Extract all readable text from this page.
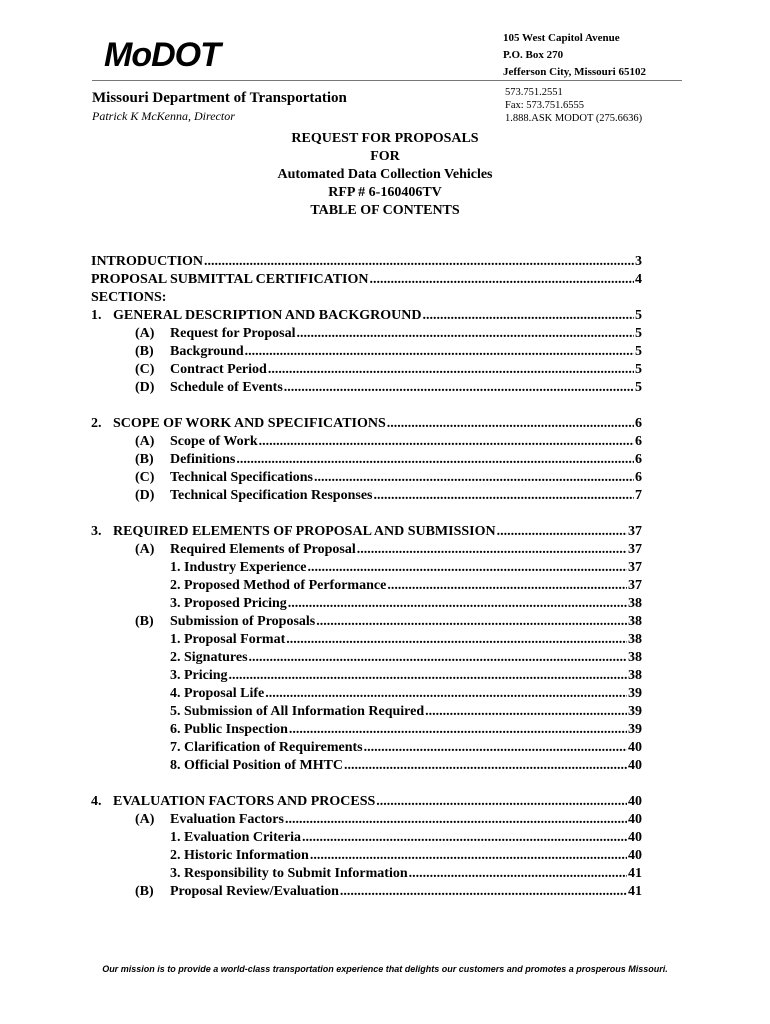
MoDOT	105 West Capitol Avenue
P.O. Box 270
Jefferson City, Missouri 65102
Missouri Department of Transportation
Patrick K McKenna, Director
573.751.2551
Fax: 573.751.6555
1.888.ASK MODOT (275.6636)
REQUEST FOR PROPOSALS
FOR
Automated Data Collection Vehicles
RFP # 6-160406TV
TABLE OF CONTENTS
INTRODUCTION .....	3
PROPOSAL SUBMITTAL CERTIFICATION .....	4
SECTIONS:
1. GENERAL DESCRIPTION AND BACKGROUND .....	5
(A)	Request for Proposal .....	5
(B)	Background .....	5
(C)	Contract Period .....	5
(D)	Schedule of Events .....	5
2. SCOPE OF WORK AND SPECIFICATIONS .....	6
(A)	Scope of Work .....	6
(B)	Definitions .....	6
(C)	Technical Specifications .....	6
(D)	Technical Specification Responses .....	7
3. REQUIRED ELEMENTS OF PROPOSAL AND SUBMISSION .....	37
(A)	Required Elements of Proposal .....	37
1. Industry Experience .....	37
2. Proposed Method of Performance .....	37
3. Proposed Pricing .....	38
(B)	Submission of Proposals .....	38
1. Proposal Format .....	38
2. Signatures .....	38
3. Pricing .....	38
4. Proposal Life .....	39
5. Submission of All Information Required .....	39
6. Public Inspection .....	39
7. Clarification of Requirements .....	40
8. Official Position of MHTC .....	40
4. EVALUATION FACTORS AND PROCESS .....	40
(A)	Evaluation Factors .....	40
1. Evaluation Criteria .....	40
2. Historic Information .....	40
3. Responsibility to Submit Information .....	41
(B)	Proposal Review/Evaluation .....	41
Our mission is to provide a world-class transportation experience that delights our customers and promotes a prosperous Missouri.
